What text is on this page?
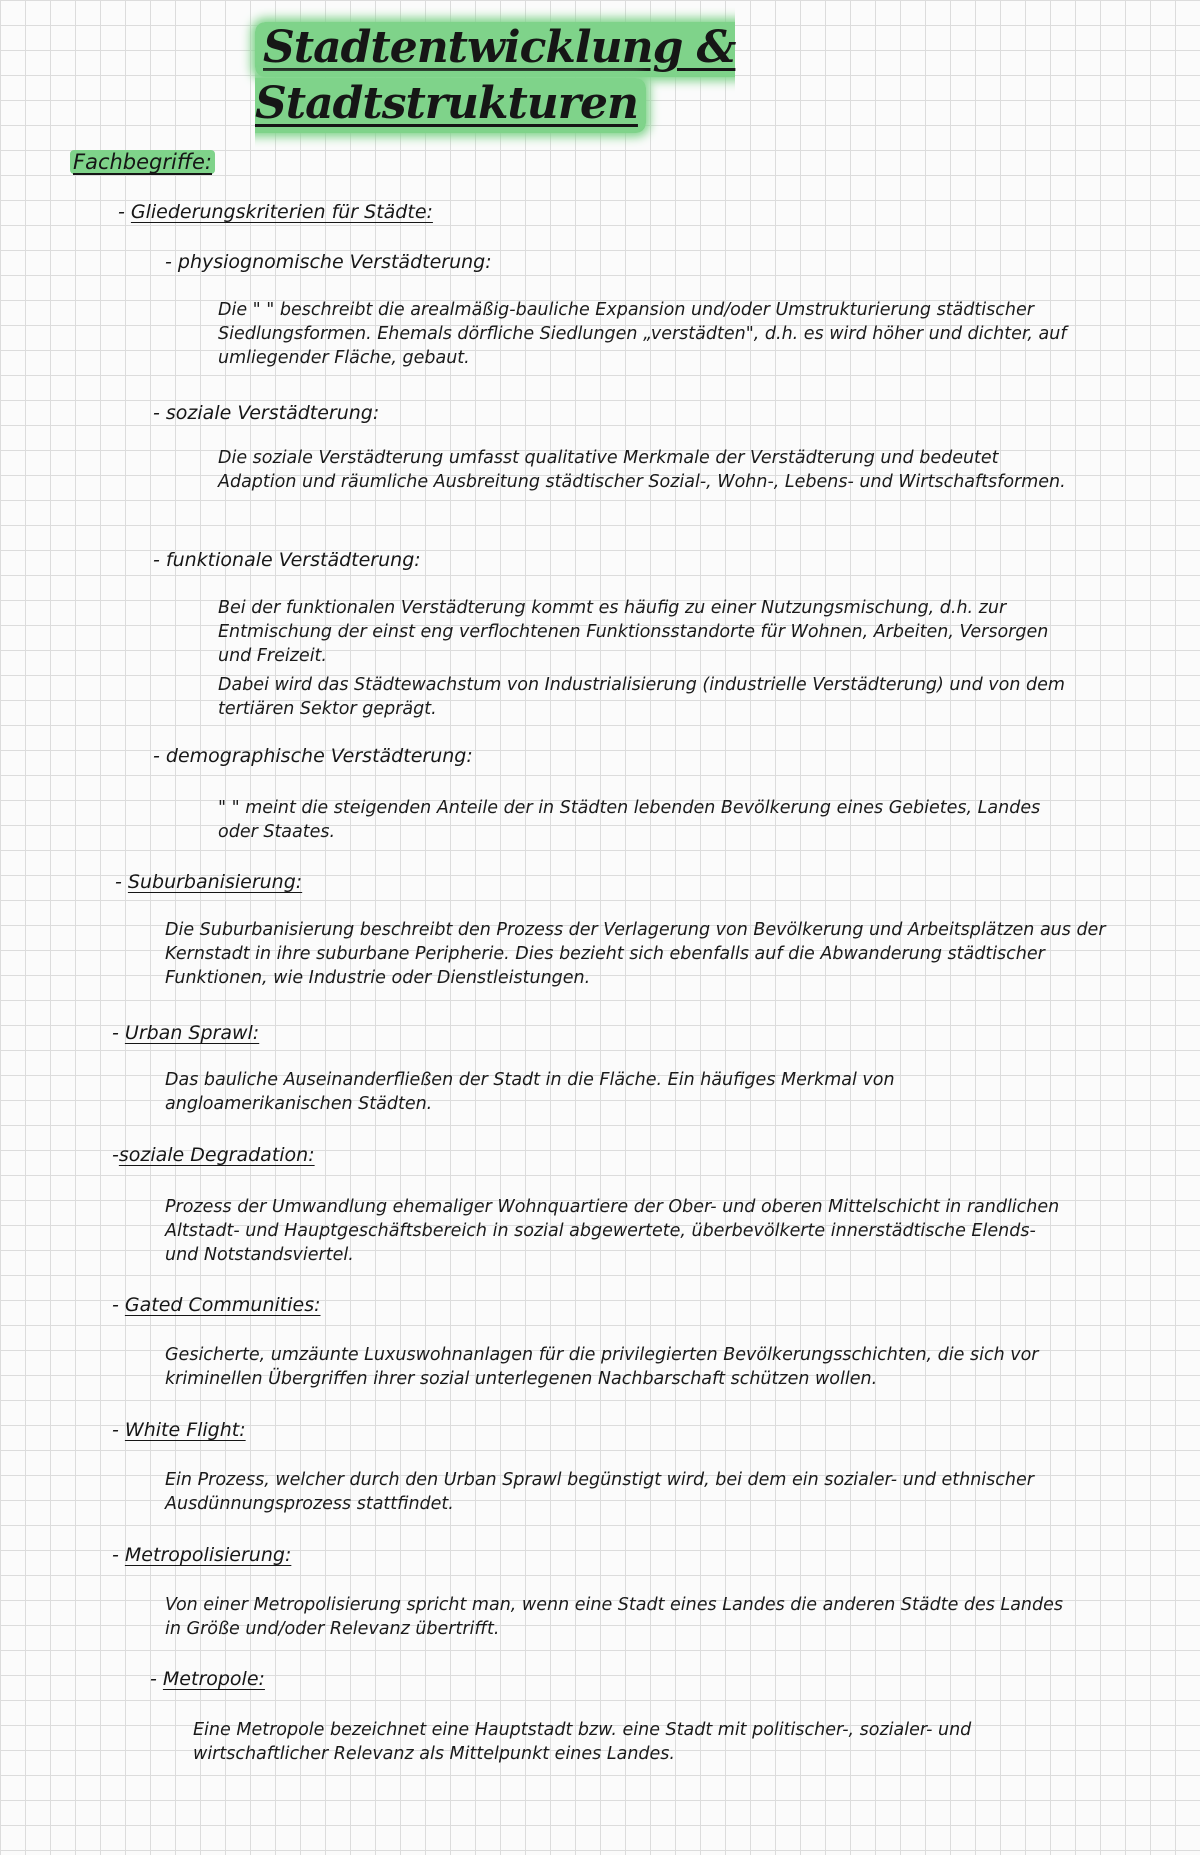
Stadtentwicklung & Stadtstrukturen
Fachbegriffe:
- Gliederungskriterien für Städte:
- physiognomische Verstädterung:
Die " " beschreibt die arealmäßig-bauliche Expansion und/oder Umstrukturierung städtischer Siedlungsformen. Ehemals dörfliche Siedlungen „verstädten", d.h. es wird höher und dichter, auf umliegender Fläche, gebaut.
- soziale Verstädterung:
Die soziale Verstädterung umfasst qualitative Merkmale der Verstädterung und bedeutet Adaption und räumliche Ausbreitung städtischer Sozial-, Wohn-, Lebens- und Wirtschaftsformen.
- funktionale Verstädterung:
Bei der funktionalen Verstädterung kommt es häufig zu einer Nutzungsmischung, d.h. zur Entmischung der einst eng verflochtenen Funktionsstandorte für Wohnen, Arbeiten, Versorgen und Freizeit.
Dabei wird das Städtewachstum von Industrialisierung (industrielle Verstädterung) und von dem tertiären Sektor geprägt.
- demographische Verstädterung:
" " meint die steigenden Anteile der in Städten lebenden Bevölkerung eines Gebietes, Landes oder Staates.
- Suburbanisierung:
Die Suburbanisierung beschreibt den Prozess der Verlagerung von Bevölkerung und Arbeitsplätzen aus der Kernstadt in ihre suburbane Peripherie. Dies bezieht sich ebenfalls auf die Abwanderung städtischer Funktionen, wie Industrie oder Dienstleistungen.
- Urban Sprawl:
Das bauliche Auseinanderfließen der Stadt in die Fläche. Ein häufiges Merkmal von angloamerikanischen Städten.
-soziale Degradation:
Prozess der Umwandlung ehemaliger Wohnquartiere der Ober- und oberen Mittelschicht in randlichen Altstadt- und Hauptgeschäftsbereich in sozial abgewertete, überbevölkerte innerstädtische Elends- und Notstandsviertel.
- Gated Communities:
Gesicherte, umzäunte Luxuswohnanlagen für die privilegierten Bevölkerungsschichten, die sich vor kriminellen Übergriffen ihrer sozial unterlegenen Nachbarschaft schützen wollen.
- White Flight:
Ein Prozess, welcher durch den Urban Sprawl begünstigt wird, bei dem ein sozialer- und ethnischer Ausdünnungsprozess stattfindet.
- Metropolisierung:
Von einer Metropolisierung spricht man, wenn eine Stadt eines Landes die anderen Städte des Landes in Größe und/oder Relevanz übertrifft.
- Metropole:
Eine Metropole bezeichnet eine Hauptstadt bzw. eine Stadt mit politischer-, sozialer- und wirtschaftlicher Relevanz als Mittelpunkt eines Landes.
